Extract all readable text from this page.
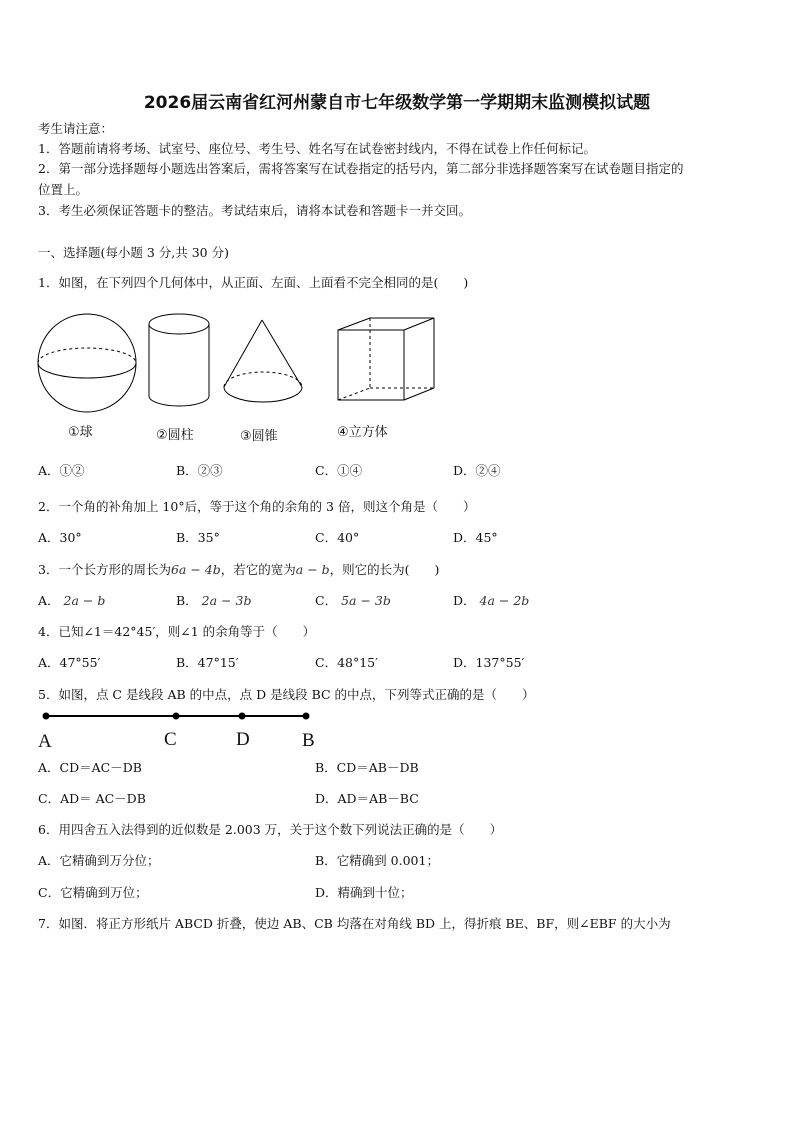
2026届云南省红河州蒙自市七年级数学第一学期期末监测模拟试题
考生请注意：
1．答题前请将考场、试室号、座位号、考生号、姓名写在试卷密封线内，不得在试卷上作任何标记。
2．第一部分选择题每小题选出答案后，需将答案写在试卷指定的括号内，第二部分非选择题答案写在试卷题目指定的
位置上。
3．考生必须保证答题卡的整洁。考试结束后，请将本试卷和答题卡一并交回。
一、选择题(每小题 3 分,共 30 分)
1．如图，在下列四个几何体中，从正面、左面、上面看不完全相同的是(　　)
①球	②圆柱	③圆锥	④立方体
A．①②	B．②③	C．①④	D．②④
2．一个角的补角加上 10°后，等于这个角的余角的 3 倍，则这个角是（　　）
A．30°	B．35°	C．40°	D．45°
3．一个长方形的周长为6a − 4b，若它的宽为a − b，则它的长为(　　)
A． 2a − b	B． 2a − 3b	C． 5a − 3b	D． 4a − 2b
4．已知∠1＝42°45′，则∠1 的余角等于（　　）
A．47°55′	B．47°15′	C．48°15′	D．137°55′
5．如图，点 C 是线段 AB 的中点，点 D 是线段 BC 的中点，下列等式正确的是（　　）
A	C	D	B
A．CD＝AC－DB	B．CD＝AB－DB
C．AD＝ AC－DB	D．AD＝AB－BC
6．用四舍五入法得到的近似数是 2.003 万，关于这个数下列说法正确的是（　　）
A．它精确到万分位；	B．它精确到 0.001；
C．它精确到万位；	D．精确到十位；
7．如图．将正方形纸片 ABCD 折叠，使边 AB、CB 均落在对角线 BD 上，得折痕 BE、BF，则∠EBF 的大小为
